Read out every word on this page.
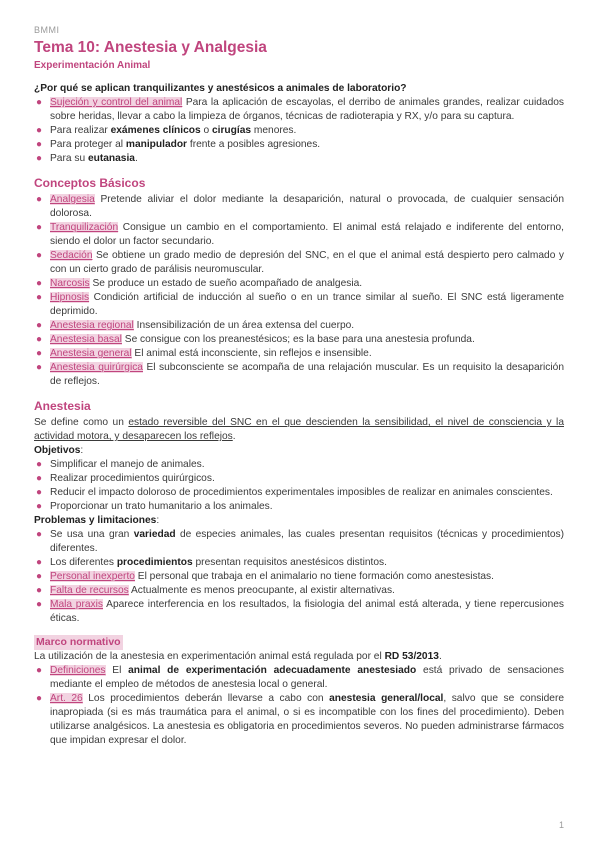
BMMI
Tema 10: Anestesia y Analgesia
Experimentación Animal
¿Por qué se aplican tranquilizantes y anestésicos a animales de laboratorio?
● Sujeción y control del animal Para la aplicación de escayolas, el derribo de animales grandes, realizar cuidados sobre heridas, llevar a cabo la limpieza de órganos, técnicas de radioterapia y RX, y/o para su captura.
● Para realizar exámenes clínicos o cirugías menores.
● Para proteger al manipulador frente a posibles agresiones.
● Para su eutanasia.
Conceptos Básicos
● Analgesia Pretende aliviar el dolor mediante la desaparición, natural o provocada, de cualquier sensación dolorosa.
● Tranquilización Consigue un cambio en el comportamiento. El animal está relajado e indiferente del entorno, siendo el dolor un factor secundario.
● Sedación Se obtiene un grado medio de depresión del SNC, en el que el animal está despierto pero calmado y con un cierto grado de parálisis neuromuscular.
● Narcosis Se produce un estado de sueño acompañado de analgesia.
● Hipnosis Condición artificial de inducción al sueño o en un trance similar al sueño. El SNC está ligeramente deprimido.
● Anestesia regional Insensibilización de un área extensa del cuerpo.
● Anestesia basal Se consigue con los preanestésicos; es la base para una anestesia profunda.
● Anestesia general El animal está inconsciente, sin reflejos e insensible.
● Anestesia quirúrgica El subconsciente se acompaña de una relajación muscular. Es un requisito la desaparición de reflejos.
Anestesia

Se define como un estado reversible del SNC en el que descienden la sensibilidad, el nivel de consciencia y la actividad motora, y desaparecen los reflejos.

Objetivos:
● Simplificar el manejo de animales.
● Realizar procedimientos quirúrgicos.
● Reducir el impacto doloroso de procedimientos experimentales imposibles de realizar en animales conscientes.
● Proporcionar un trato humanitario a los animales.
Problemas y limitaciones:
● Se usa una gran variedad de especies animales, las cuales presentan requisitos (técnicas y procedimientos) diferentes.
● Los diferentes procedimientos presentan requisitos anestésicos distintos.
● Personal inexperto El personal que trabaja en el animalario no tiene formación como anestesistas.
● Falta de recursos Actualmente es menos preocupante, al existir alternativas.
● Mala praxis Aparece interferencia en los resultados, la fisiologia del animal está alterada, y tiene repercusiones éticas.
Marco normativo

La utilización de la anestesia en experimentación animal está regulada por el RD 53/2013.

● Definiciones El animal de experimentación adecuadamente anestesiado está privado de sensaciones mediante el empleo de métodos de anestesia local o general.
● Art. 26 Los procedimientos deberán llevarse a cabo con anestesia general/local, salvo que se considere inapropiada (si es más traumática para el animal, o si es incompatible con los fines del procedimiento). Deben utilizarse analgésicos. La anestesia es obligatoria en procedimientos severos. No pueden administrarse fármacos que impidan expresar el dolor.
1
